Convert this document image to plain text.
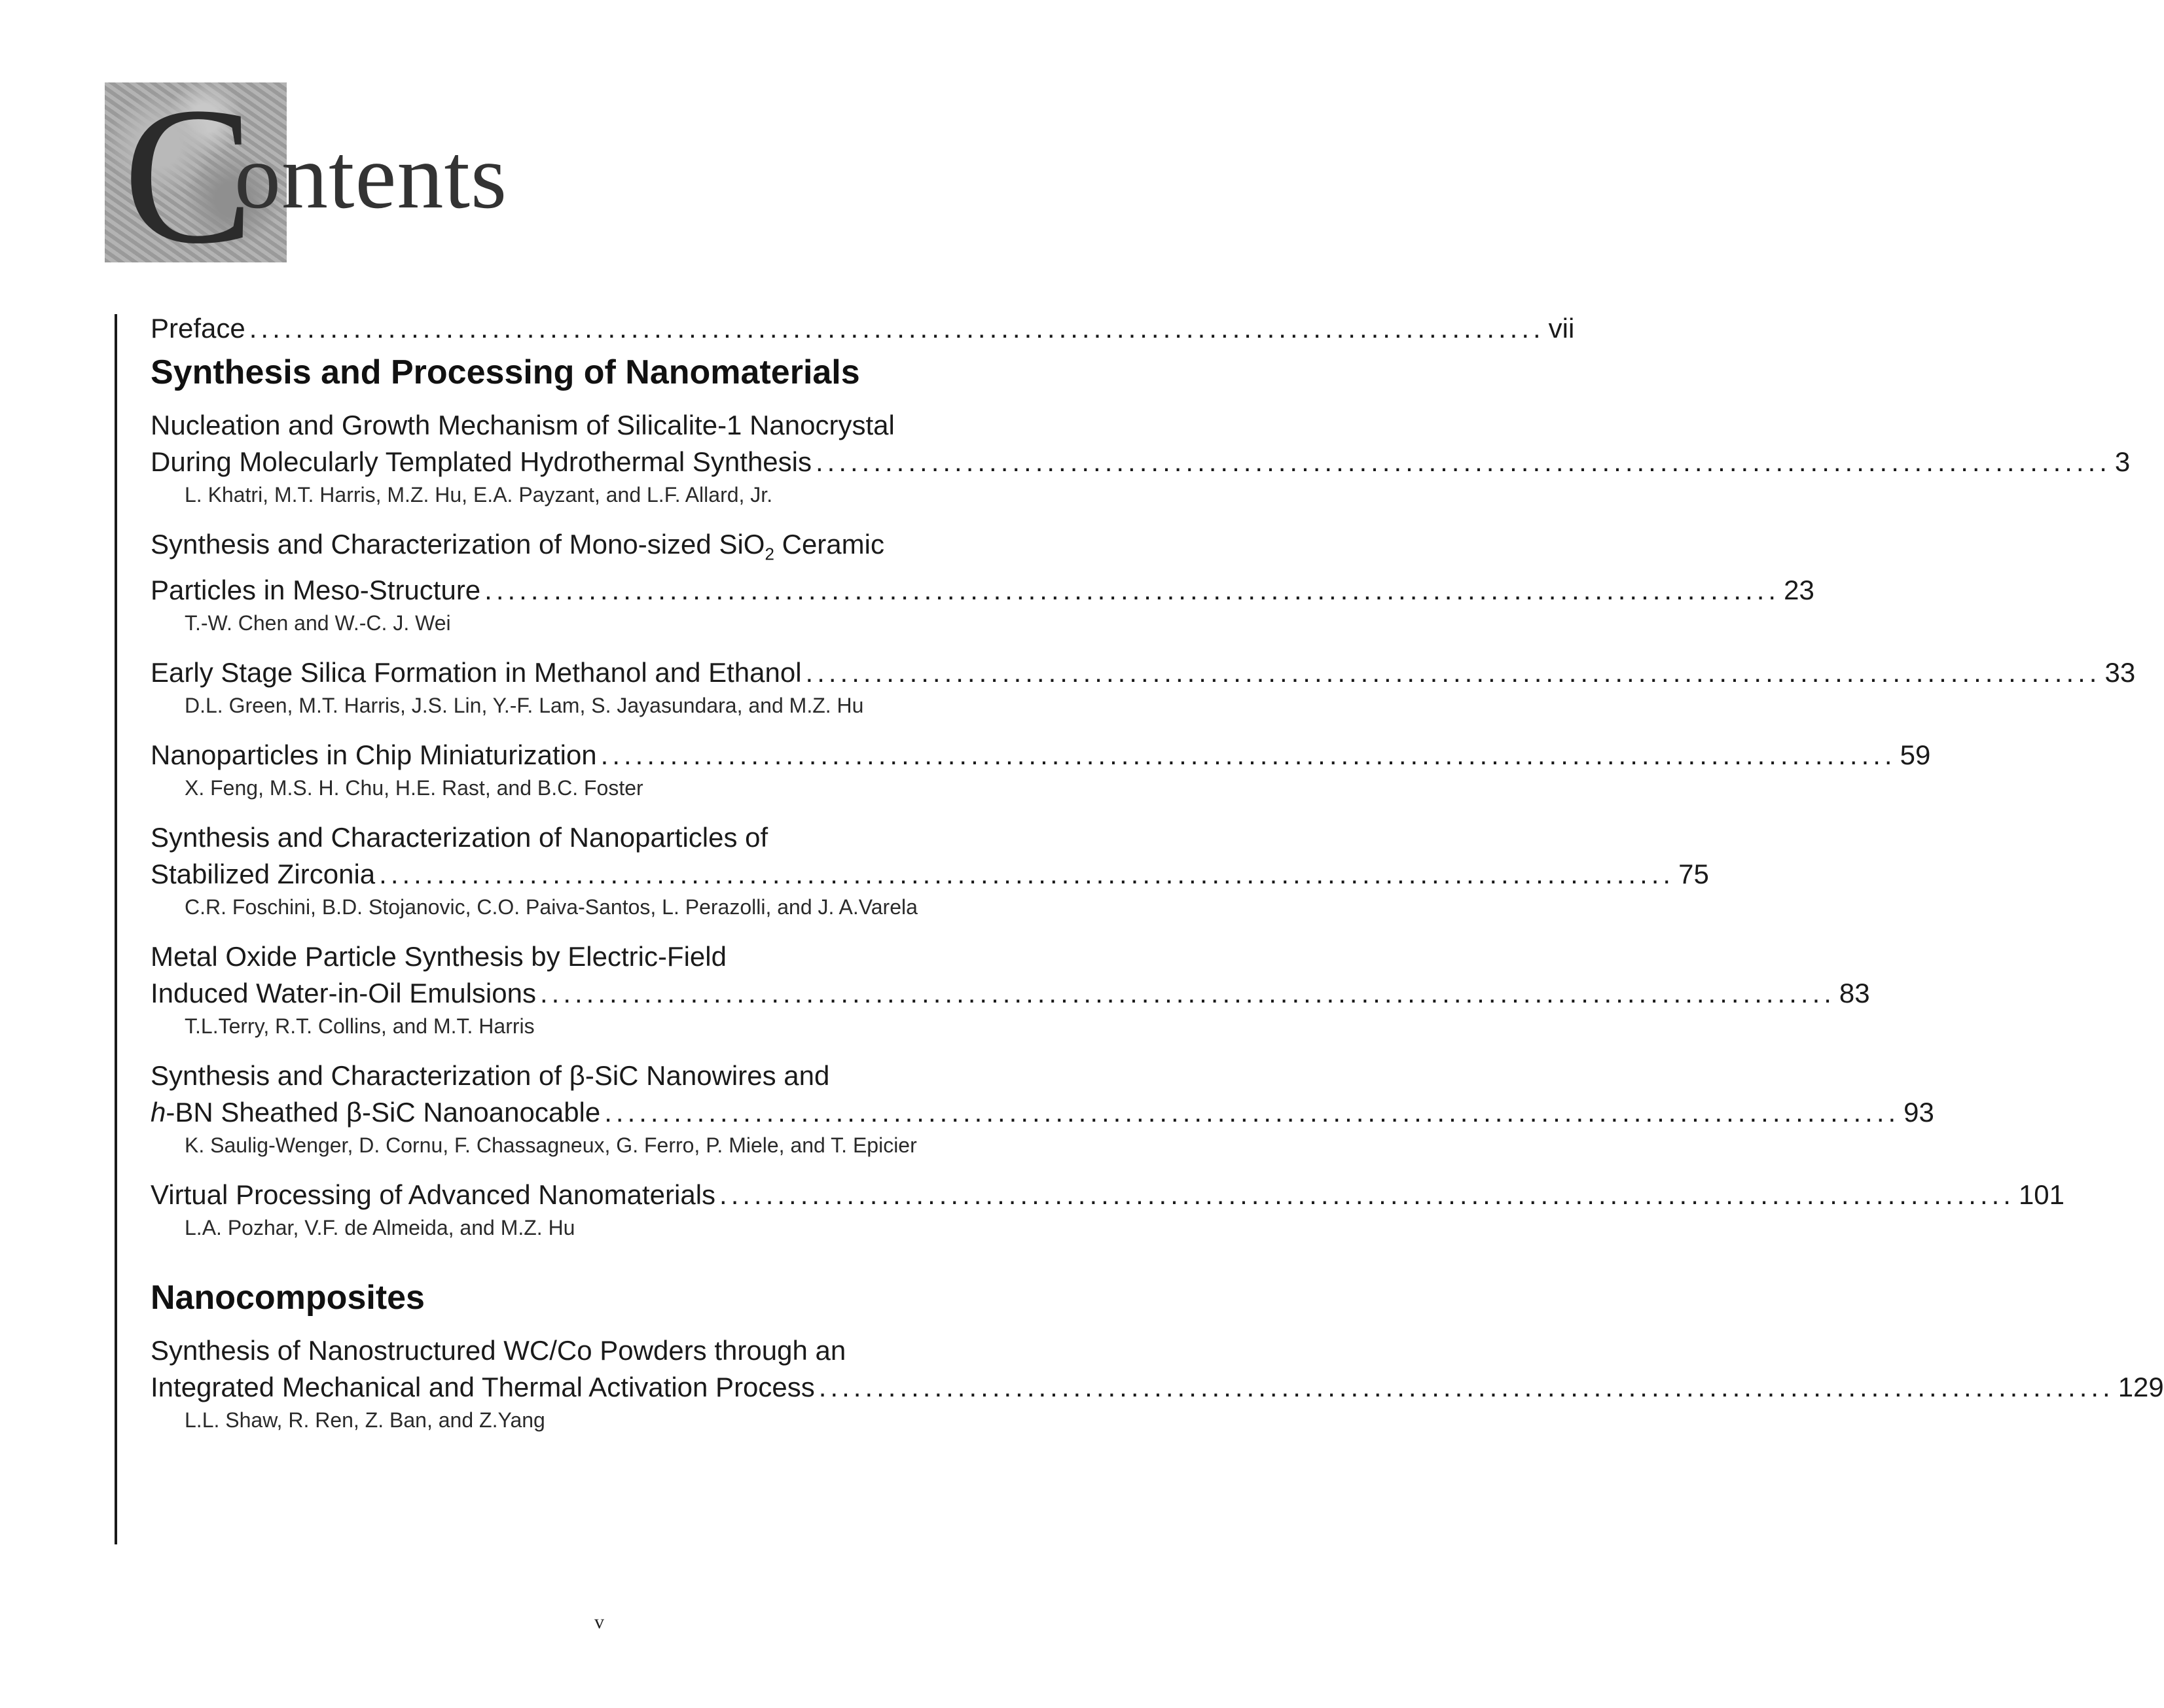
C
ontents
Preface ................................................................................................................ vii
Synthesis and Processing of Nanomaterials
Nucleation and Growth Mechanism of Silicalite-1 Nanocrystal
During Molecularly Templated Hydrothermal Synthesis ................................................................................................................ 3
L. Khatri, M.T. Harris, M.Z. Hu, E.A. Payzant, and L.F. Allard, Jr.
Synthesis and Characterization of Mono-sized SiO$_2$ Ceramic
Particles in Meso-Structure ................................................................................................................ 23
T.-W. Chen and W.-C. J. Wei
Early Stage Silica Formation in Methanol and Ethanol ................................................................................................................ 33
D.L. Green, M.T. Harris, J.S. Lin, Y.-F. Lam, S. Jayasundara, and M.Z. Hu
Nanoparticles in Chip Miniaturization ................................................................................................................ 59
X. Feng, M.S. H. Chu, H.E. Rast, and B.C. Foster
Synthesis and Characterization of Nanoparticles of
Stabilized Zirconia ................................................................................................................ 75
C.R. Foschini, B.D. Stojanovic, C.O. Paiva-Santos, L. Perazolli, and J. A.Varela
Metal Oxide Particle Synthesis by Electric-Field
Induced Water-in-Oil Emulsions ................................................................................................................ 83
T.L.Terry, R.T. Collins, and M.T. Harris
Synthesis and Characterization of β-SiC Nanowires and
h-BN Sheathed β-SiC Nanoanocable ................................................................................................................ 93
K. Saulig-Wenger, D. Cornu, F. Chassagneux, G. Ferro, P. Miele, and T. Epicier
Virtual Processing of Advanced Nanomaterials ................................................................................................................ 101
L.A. Pozhar, V.F. de Almeida, and M.Z. Hu
Nanocomposites
Synthesis of Nanostructured WC/Co Powders through an
Integrated Mechanical and Thermal Activation Process ................................................................................................................ 129
L.L. Shaw, R. Ren, Z. Ban, and Z.Yang
v
